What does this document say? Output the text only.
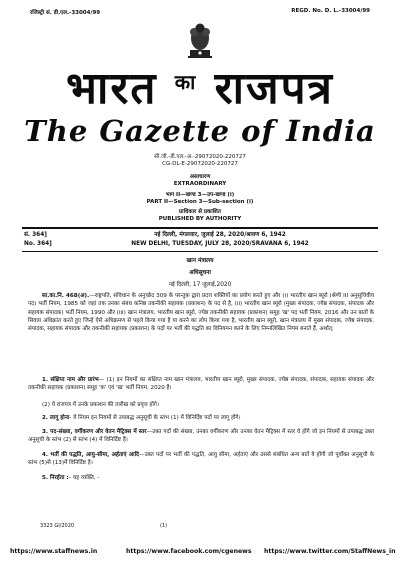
रजिस्ट्री सं. डी.एल.-33004/99	REGD. No. D. L.-33004/99
भारत $^{का}$ राजपत्र
The Gazette of India
सी.जी.-डी.एल.-अ.-29072020-220727
CG-DL-E-29072020-220727
असाधारण
EXTRAORDINARY
भाग II—खण्ड 3—उप-खण्ड (i)
PART II—Section 3—Sub-section (i)
प्राधिकार से प्रकाशित
PUBLISHED BY AUTHORITY
सं. 364]	नई दिल्ली, मंगलवार, जुलाई 28, 2020/श्रावण 6, 1942
No. 364]	NEW DELHI, TUESDAY, JULY 28, 2020/SRAVANA 6, 1942
खान मंत्रालय
अधिसूचना
नई दिल्ली, 17 जुलाई,2020
सा.का.नि. 468(अ).—राष्ट्रपति, संविधान के अनुच्छेद 309 के परन्तुक द्वारा प्रदत्त शक्तियों का प्रयोग करते हुए और (i) भारतीय खान ब्यूरो (श्रेणी III अनुसूचिवीय पद) भर्ती नियम, 1985 को जहां तक उनका संबंध कनिष्ठ तकनीकी सहायक (प्रकाशन) के पद से है, (ii) भारतीय खान ब्यूरो (मुख्य संपादक, ज्येष्ठ संपादक, संपादक और सहायक संपादक) भर्ती नियम, 1990 और (iii) खान मंत्रालय, भारतीय खान ब्यूरो, ज्येष्ठ तकनीकी सहायक (प्रकाशन) समूह 'ख' पद भर्ती नियम, 2016 और उन बातों के सिवाय अधिक्रांत करते हुए जिन्हें ऐसे अधिक्रमण से पहले किया गया है या करने का लोप किया गया है, भारतीय खान ब्यूरो, खान मंत्रालय में मुख्य संपादक, ज्येष्ठ संपादक, संपादक, सहायक संपादक और तकनीकी सहायक (प्रकाशन) के पदों पर भर्ती की पद्धति का विनियमन करने के लिए निम्नलिखित नियम बनाते हैं, अर्थात्:
1. संक्षिप्त नाम और प्रारंभ— (1) इन नियमों का संक्षिप्त नाम खान मंत्रालय, भारतीय खान ब्यूरो, मुख्य संपादक, ज्येष्ठ संपादक, संपादक, सहायक संपादक और तकनीकी सहायक (प्रकाशन) समूह 'क' एवं 'ख' भर्ती नियम, 2020 है।
(2) ये राजपत्र में उनके प्रकाशन की तारीख को प्रवृत्त होंगे।
2. लागू होना- ये नियम इन नियमों से उपाबद्ध अनुसूची के स्तंभ (1) में विनिर्दिष्ट पदों पर लागू होंगे।
3. पद-संख्या, वर्गीकरण और वेतन मैट्रिक्स में स्तर—उक्त पदों की संख्या, उनका वर्गीकरण और उनका वेतन मैट्रिक्स में स्तर वे होंगे जो इन नियमों से उपाबद्ध उक्त अनुसूची के स्तंभ (2) से स्तंभ (4) में विनिर्दिष्ट हैं।
4. भर्ती की पद्धति, आयु-सीमा, अर्हताएं आदि—उक्त पदों पर भर्ती की पद्धति, आयु सीमा, अर्हताएं और उससे संबंधित अन्य बातें वे होंगी जो पूर्वोक्त अनुसूची के स्तंभ (5)से (13)में विनिर्दिष्ट है।
5. निरर्हता :– वह व्यक्ति, -
3323 GI/2020	(1)
https://www.staffnews.in	https://www.facebook.com/cgenews https://www.twitter.com/StaffNews_in
